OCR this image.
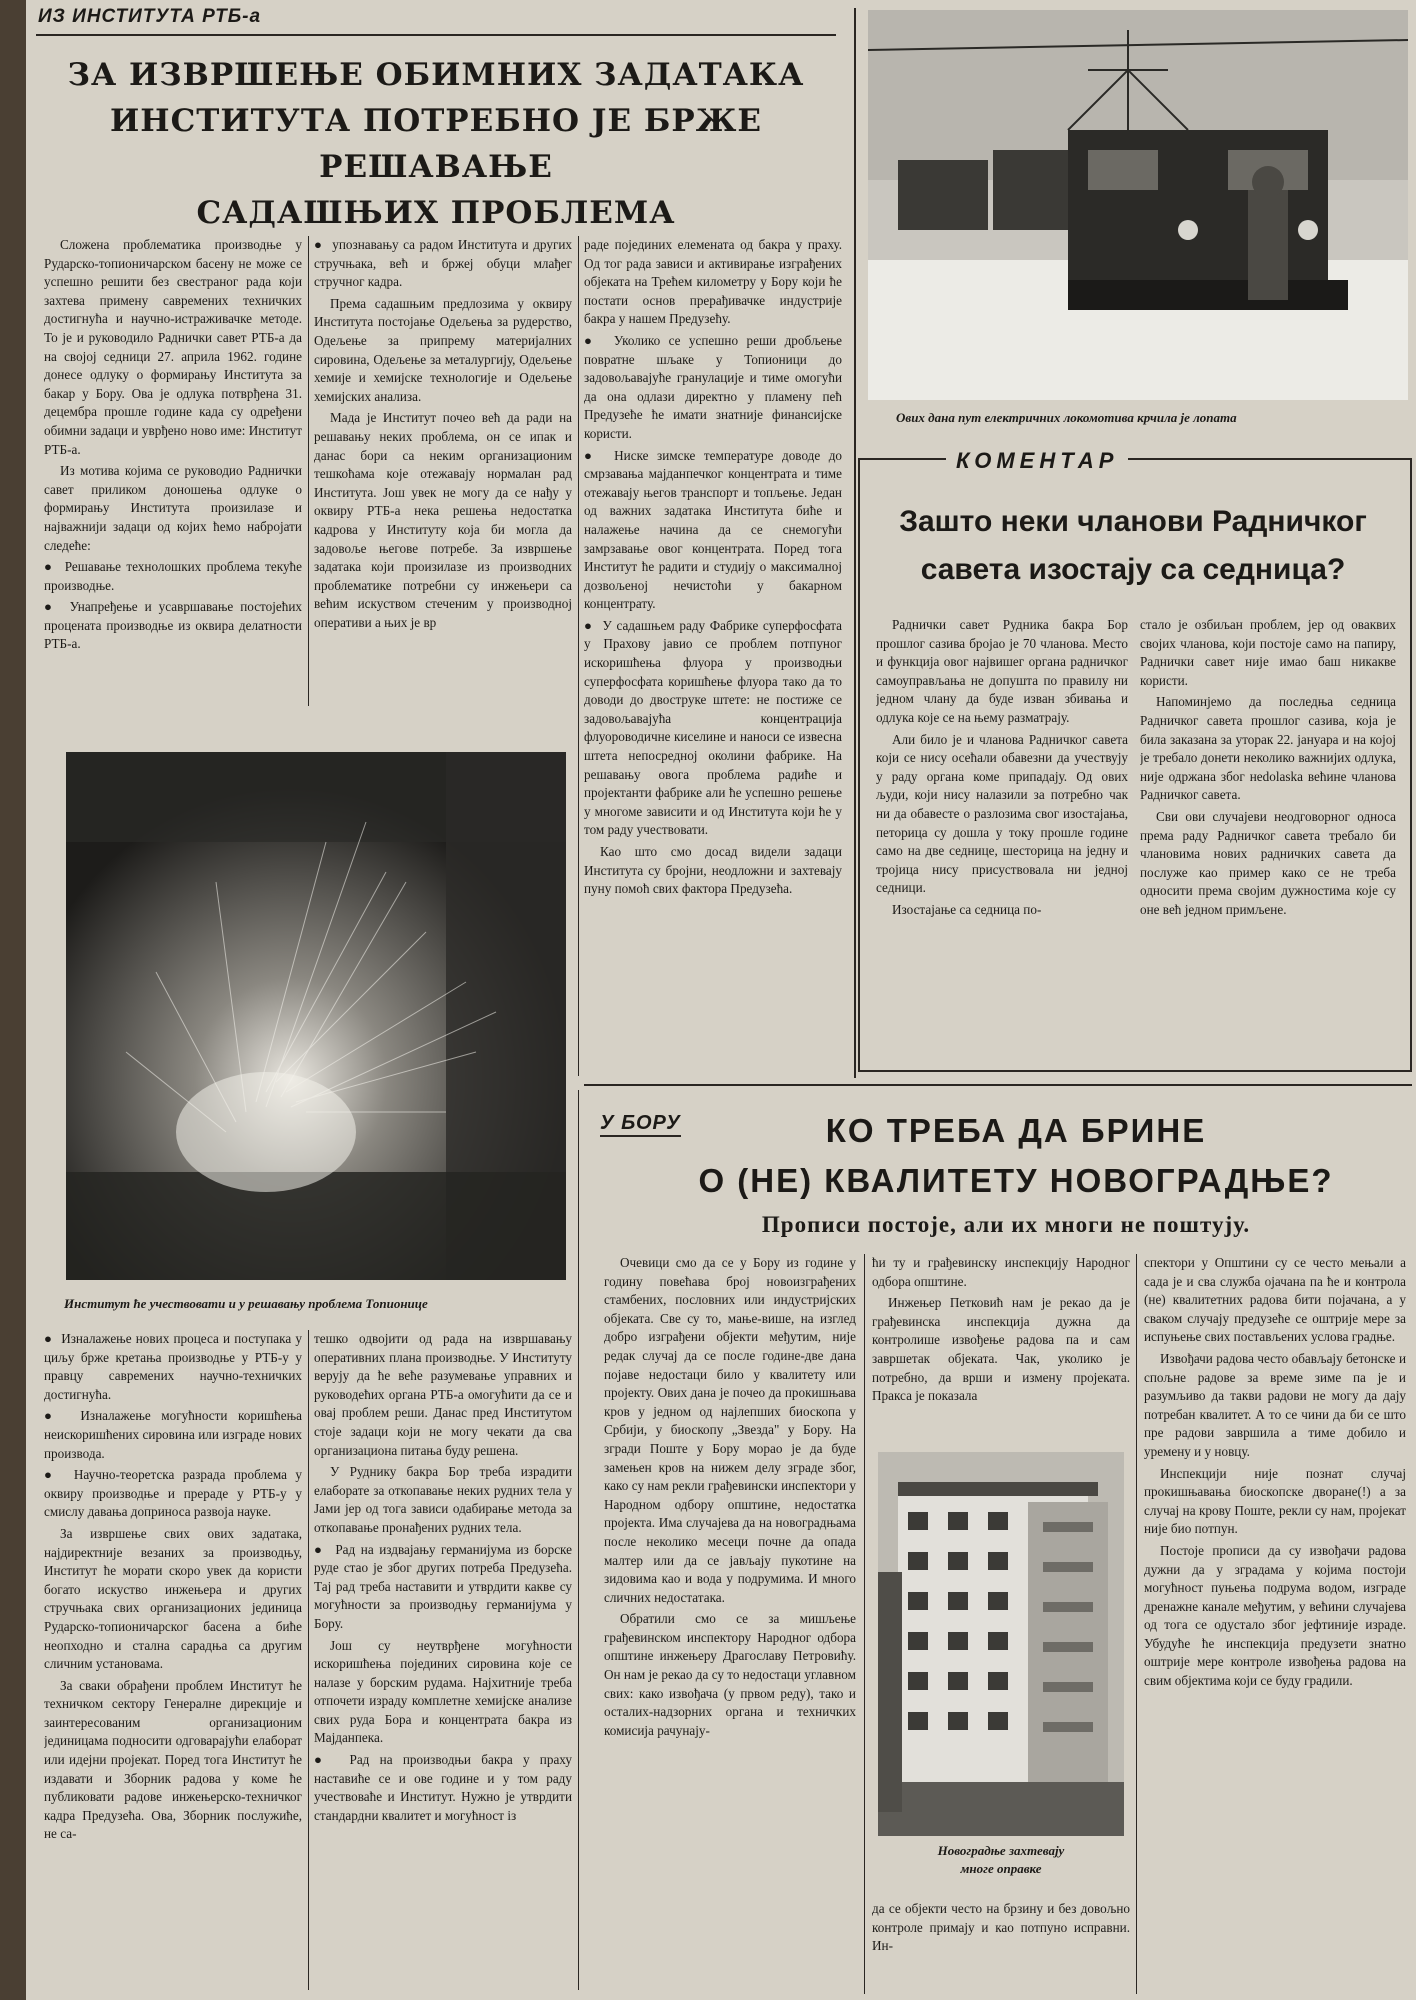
ИЗ ИНСТИТУТА РТБ-а
ЗА ИЗВРШЕЊЕ ОБИМНИХ ЗАДАТАКА
ИНСТИТУТА ПОТРЕБНО ЈЕ БРЖЕ РЕШАВАЊЕ
САДАШЊИХ ПРОБЛЕМА

Сложена проблематика производње у Рударско-топионичарском басену не може се успешно решити без свестраног рада који захтева примену савремених техничких достигнућа и научно-истраживачке методе. То је и руководило Раднички савет РТБ-а да на својој седници 27. априла 1962. године донесе одлуку о формирању Института за бакар у Бору. Ова је одлука потврђена 31. децембра прошле године када су одређени обимни задаци и уврђено ново име: Институт РТБ-а.

Из мотива којима се руководио Раднички савет приликом доношења одлуке о формирању Института произилазе и најважнији задаци од којих ћемо набројати следеће:

●  Решавање технолошких проблема текуће производње.

●  Унапређење и усавршавање постојећих процената производње из оквира делатности РТБ-а.

●  упознавању са радом Института и других стручњака, већ и бржеј обуци млађег стручног кадра.

Према садашњим предлозима у оквиру Института постојање Одељења за рудерство, Одељење за припрему материјалних сировина, Одељење за металургију, Одељење хемије и хемијске технологије и Одељење хемијских анализа.

Мада је Институт почео већ да ради на решавању неких проблема, он се ипак и данас бори са неким организационим тешкоћама које отежавају нормалан рад Института. Још увек не могу да се нађу у оквиру РТБ-а нека решења недостатка кадрова у Институту која би могла да задовоље његове потребе. За извршење задатака који произилазе из производних проблематике потребни су инжењери са већим искуством стеченим у производној оперативи а њих је вр

раде појединих елемената од бакра у праху. Од тог рада зависи и активирање изграђених објеката на Трећем километру у Бору који ће постати основ прерађивачке индустрије бакра у нашем Предузећу.

●  Уколико се успешно реши дробљење повратне шљаке у Топионици до задовољавајуће гранулације и тиме омогући да она одлази директно у пламену пећ Предузеће ће имати знатније финансијске користи.

●  Ниске зимске температуре доводе до смрзавања мајданпечког концентрата и тиме отежавају његов транспорт и топљење. Један од важних задатака Института биће и налажење начина да се снемогући замрзавање овог концентрата. Поред тога Институт ће радити и студију о максималној дозвољеној нечистоћи у бакарном концентрату.

●  У садашњем раду Фабрике суперфосфата у Прахову јавио се проблем потпуног искоришћења флуора у производњи суперфосфата коришћење флуора тако да то доводи до двоструке штете: не постиже се задовољавајућа концентрација флуороводичне киселине и наноси се извесна штета непосредној околини фабрике. На решавању овога проблема радиће и пројектанти фабрике али ће успешно решење у многоме зависити и од Института који ће у том раду учествовати.

Као што смо досад видели задаци Института су бројни, неодложни и захтевају пуну помоћ свих фактора Предузећа.

Институт ће учествовати и у решавању проблема Топионице

●  Изналажење нових процеса и поступака у циљу брже кретања производње у РТБ-у у правцу савремених научно-техничких достигнућа.

●  Изналажење могућности коришћења неискоришћених сировина или изграде нових производа.

●  Научно-теоретска разрада проблема у оквиру производње и прераде у РТБ-у у смислу давања доприноса развоја науке.

За извршење свих ових задатака, најдиректније везаних за производњу, Институт ће морати скоро увек да користи богато искуство инжењера и других стручњака свих организационих јединица Рударско-топионичарског басена а биће неопходно и стална сарадња са другим сличним установама.

За сваки обрађени проблем Институт ће техничком сектору Генералне дирекције и заинтересованим организационим јединицама подносити одговарајући елаборат или идејни пројекат. Поред тога Институт ће издавати и Зборник радова у коме ће публиковати радове инжењерско-техничког кадра Предузећа. Ова, Зборник послужиће, не са-

тешко одвојити од рада на извршавању оперативних плана производње. У Институту верују да ће веће разумевање управних и руководећих органа РТБ-а омогућити да се и овај проблем реши. Данас пред Институтом стоје задаци који не могу чекати да сва организациона питања буду решена.

У Руднику бакра Бор треба израдити елаборате за откопавање неких рудних тела у Јами јер од тога зависи одабирање метода за откопавање пронађених рудних тела.

●  Рад на издвајању германијума из борске руде стао је због других потреба Предузећа. Тај рад треба наставити и утврдити какве су могућности за производњу германијума у Бору.

Још су неутврђене могућности искоришћења појединих сировина које се налазе у борским рудама. Најхитније треба отпочети израду комплетне хемијске анализе свих руда Бора и концентрата бакра из Мајданпека.

●  Рад на производњи бакра у праху наставиће се и ове године и у том раду учествоваће и Институт. Нужно је утврдити стандардни квалитет и могућност iз

Ових дана пут електричних локомотива крчила је лопата
КОМЕНТАР
Зашто неки чланови Радничког
савета изостају са седница?

Раднички савет Рудника бакра Бор прошлог сазива бројао је 70 чланова. Место и функција овог највишег органа радничког самоуправљања не допушта по правилу ни једном члану да буде изван збивања и одлука које се на њему разматрају.

Али било је и чланова Радничког савета који се нису осећали обавезни да учествују у раду органа коме припадају. Од ових људи, који нису налазили за потребно чак ни да обавесте о разлозима свог изостајања, петорица су дошла у току прошле године само на две седнице, шесторица на једну и тројица нису присуствовала ни једној седници.

Изостајање са седница по-

стало је озбиљан проблем, јер од оваквих својих чланова, који постоје само на папиру, Раднички савет није имао баш никакве користи.

Напоминјемо да последња седница Радничког савета прошлог сазива, која је била заказана за уторак 22. јануара и на којој је требало донети неколико важнијих одлука, није одржана због неdolaska већине чланова Радничког савета.

Сви ови случајеви неодговорног односа према раду Радничког савета требало би члановима нових радничких савета да послуже као пример како се не треба односити према својим дужностима које су оне већ једном примљене.

У БОРУ	КО ТРЕБА ДА БРИНЕ
О (НЕ) КВАЛИТЕТУ НОВОГРАДЊЕ?
Прописи постоје, али их многи не поштују.

Очевици смо да се у Бору из године у годину повећава број новоизграђених стамбених, пословних или индустријских објеката. Све су то, мање-више, на изглед добро изграђени објекти међутим, није редак случај да се после године-две дана појаве недостаци било у квалитету или пројекту. Ових дана је почео да прокишњава кров у једном од најлепших биоскопа у Србији, у биоскопу „Звезда" у Бору. На згради Поште у Бору морао је да буде замењен кров на нижем делу зграде због, како су нам рекли грађевински инспектори у Народном одбору општине, недостатка пројекта. Има случајева да на новоградњама после неколико месеци почне да опада малтер или да се јављају пукотине на зидовима као и вода у подрумима. И много сличних недостатака.

Обратили смо се за мишљење грађевинском инспектору Народног одбора општине инжењеру Драгославу Петровићу. Он нам је рекао да су то недостаци углавном свих: како извођача (у првом реду), тако и осталих-надзорних органа и техничких комисија рачунају-

ћи ту и грађевинску инспекцију Народног одбора општине.

Инжењер Петковић нам је рекао да је грађевинска инспекција дужна да контролише извођење радова па и сам завршетак објеката. Чак, уколико је потребно, да врши и измену пројеката. Пракса је показала

Новоградње захтевају
многе оправке

да се објекти често на брзину и без довољно контроле примају и као потпуно исправни. Ин-

спектори у Општини су се често мењали а сада је и сва служба ојачана па ће и контрола (не) квалитетних радова бити појачана, а у сваком случају предузеће се оштрије мере за испуњење свих постављених услова градње.

Извођачи радова често обављају бетонске и спољне радове за време зиме па је и разумљиво да такви радови не могу да дају потребан квалитет. А то се чини да би се што пре радови завршила а тиме добило и уремену и у новцу.

Инспекцији није познат случај прокишњавања биоскопске дворане(!) а за случај на крову Поште, рекли су нам, пројекат није био потпун.

Постоје прописи да су извођачи радова дужни да у зградама у којима постоји могућност пуњења подрума водом, изграде дренажне канале међутим, у већини случајева од тога се одустало због јефтиније израде. Убудуће ће инспекција предузети знатно оштрије мере контроле извођења радова на свим објектима који се буду градили.
